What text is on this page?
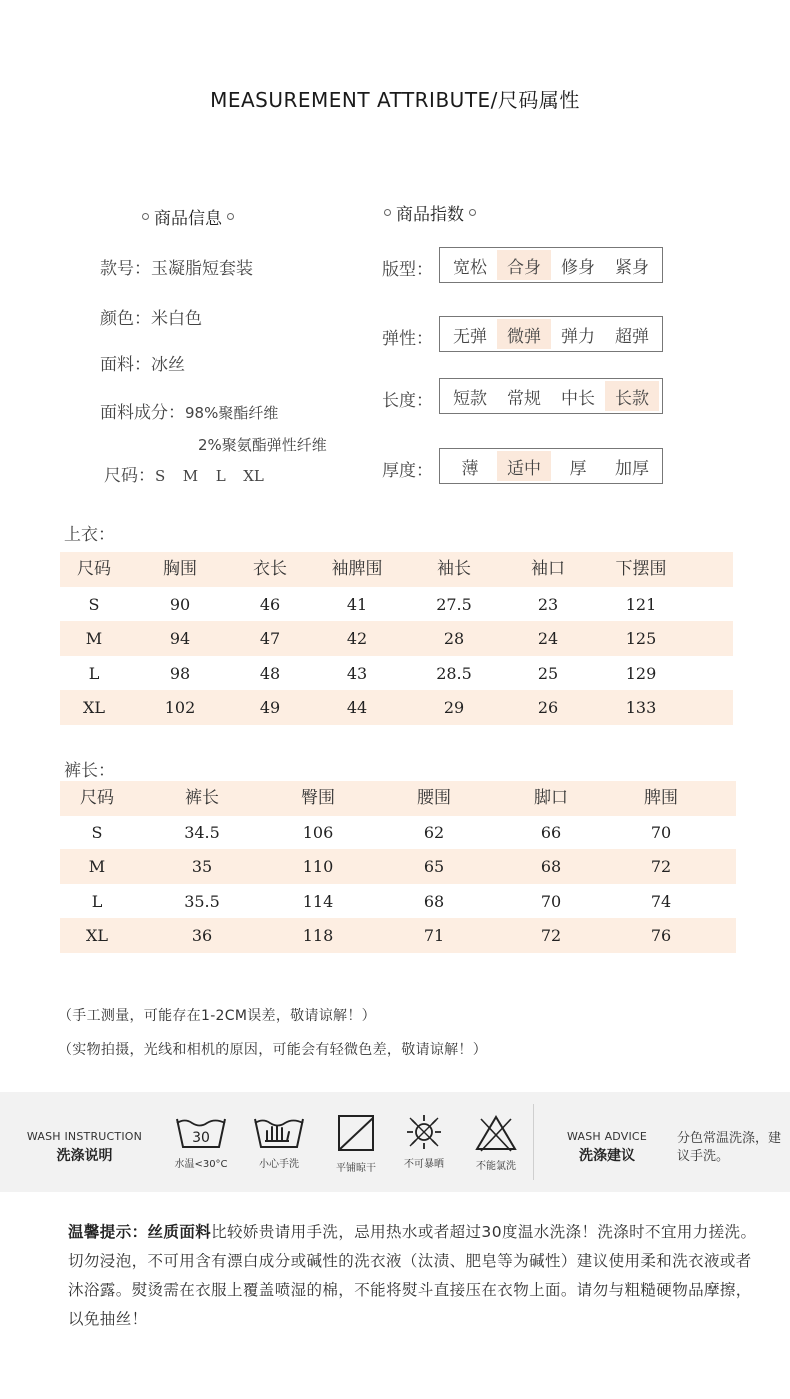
MEASUREMENT ATTRIBUTE/尺码属性
商品信息
款号：玉凝脂短套装
颜色：米白色
面料：冰丝
面料成分：98%聚酯纤维
2%聚氨酯弹性纤维
尺码：S  M  L  XL
商品指数
版型：	宽松	合身	修身	紧身
弹性：	无弹	微弹	弹力	超弹
长度：	短款	常规	中长	长款
厚度：	薄	适中	厚	加厚
上衣：
尺码	胸围	衣长	袖脾围	袖长	袖口	下摆围
S	90	46	41	27.5	23	121
M	94	47	42	28	24	125
L	98	48	43	28.5	25	129
XL	102	49	44	29	26	133
裤长：
尺码	裤长	臀围	腰围	脚口	脾围
S	34.5	106	62	66	70
M	35	110	65	68	72
L	35.5	114	68	70	74
XL	36	118	71	72	76
（手工测量，可能存在1-2CM误差，敬请谅解！）
（实物拍摄，光线和相机的原因，可能会有轻微色差，敬请谅解！）
WASH INSTRUCTION
洗涤说明
30
水温<30°C	小心手洗	平铺晾干	不可暴晒	不能氯洗
WASH ADVICE
洗涤建议
分色常温洗涤，建议手洗。
温馨提示：丝质面料比较娇贵请用手洗，忌用热水或者超过30度温水洗涤！洗涤时不宜用力搓洗。切勿浸泡，不可用含有漂白成分或碱性的洗衣液（汰渍、肥皂等为碱性）建议使用柔和洗衣液或者沐浴露。熨烫需在衣服上覆盖喷湿的棉，不能将熨斗直接压在衣物上面。请勿与粗糙硬物品摩擦，以免抽丝！
